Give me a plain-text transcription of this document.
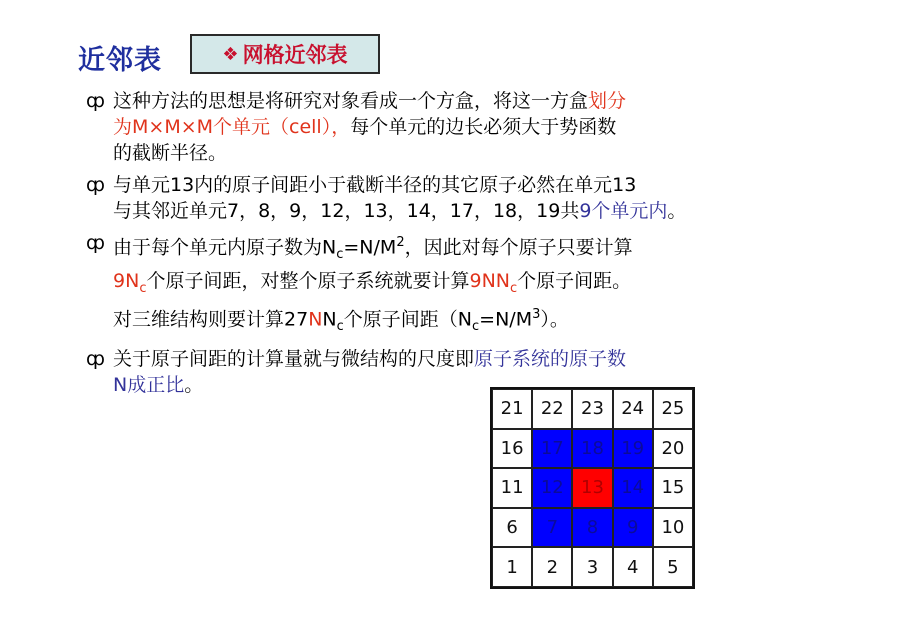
近邻表	❖ 网格近邻表
ȹ 这种方法的思想是将研究对象看成一个方盒，将这一方盒划分
为M×M×M个单元（cell），每个单元的边长必须大于势函数
的截断半径。
ȹ 与单元13内的原子间距小于截断半径的其它原子必然在单元13
与其邻近单元7，8，9，12，13，14，17，18，19共9个单元内。
ȹ 由于每个单元内原子数为$N_c=N/M^2$，因此对每个原子只要计算
$9N_c$个原子间距，对整个原子系统就要计算$9NN_c$个原子间距。
对三维结构则要计算$27NN_c$个原子间距$(N_c=N/M^3)$。
ȹ 关于原子间距的计算量就与微结构的尺度即原子系统的原子数
N成正比。
21 22 23 24 25
16 17 18 19 20
11 12 13 14 15
6	7	8	9	10
1	2	3	4	5
